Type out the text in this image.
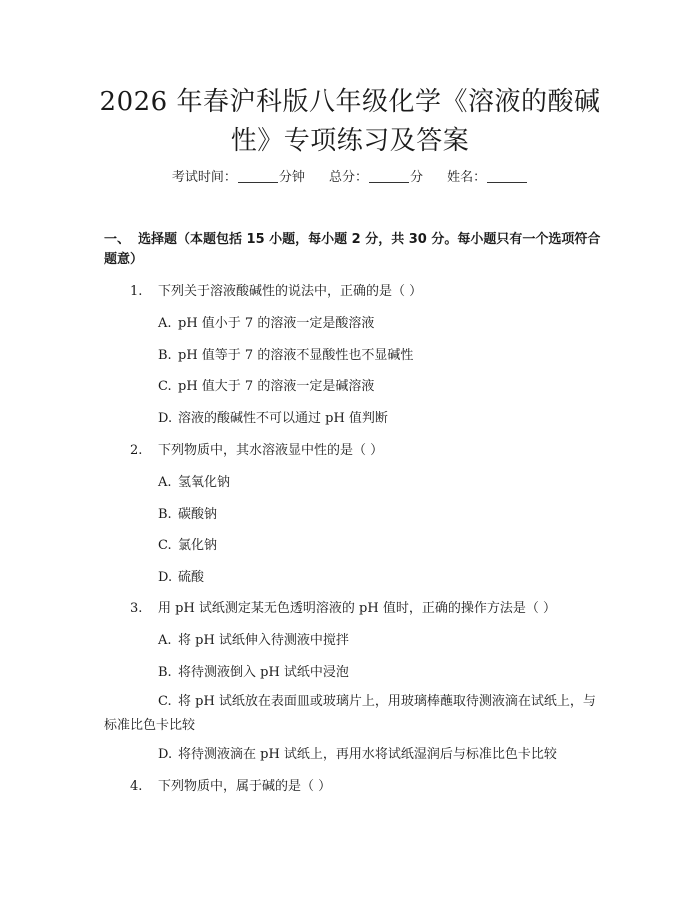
2026 年春沪科版八年级化学《溶液的酸碱
性》专项练习及答案
考试时间：	分钟 总分：	分 姓名：
一、 选择题（本题包括 15 小题，每小题 2 分，共 30 分。每小题只有一个选项符合题意）
1. 下列关于溶液酸碱性的说法中，正确的是（ ）
A. pH 值小于 7 的溶液一定是酸溶液
B. pH 值等于 7 的溶液不显酸性也不显碱性
C. pH 值大于 7 的溶液一定是碱溶液
D. 溶液的酸碱性不可以通过 pH 值判断
2. 下列物质中，其水溶液显中性的是（ ）
A. 氢氧化钠
B. 碳酸钠
C. 氯化钠
D. 硫酸
3. 用 pH 试纸测定某无色透明溶液的 pH 值时，正确的操作方法是（ ）
A. 将 pH 试纸伸入待测液中搅拌
B. 将待测液倒入 pH 试纸中浸泡
C. 将 pH 试纸放在表面皿或玻璃片上，用玻璃棒蘸取待测液滴在试纸上，与标准比色卡比较
D. 将待测液滴在 pH 试纸上，再用水将试纸湿润后与标准比色卡比较
4. 下列物质中，属于碱的是（ ）
